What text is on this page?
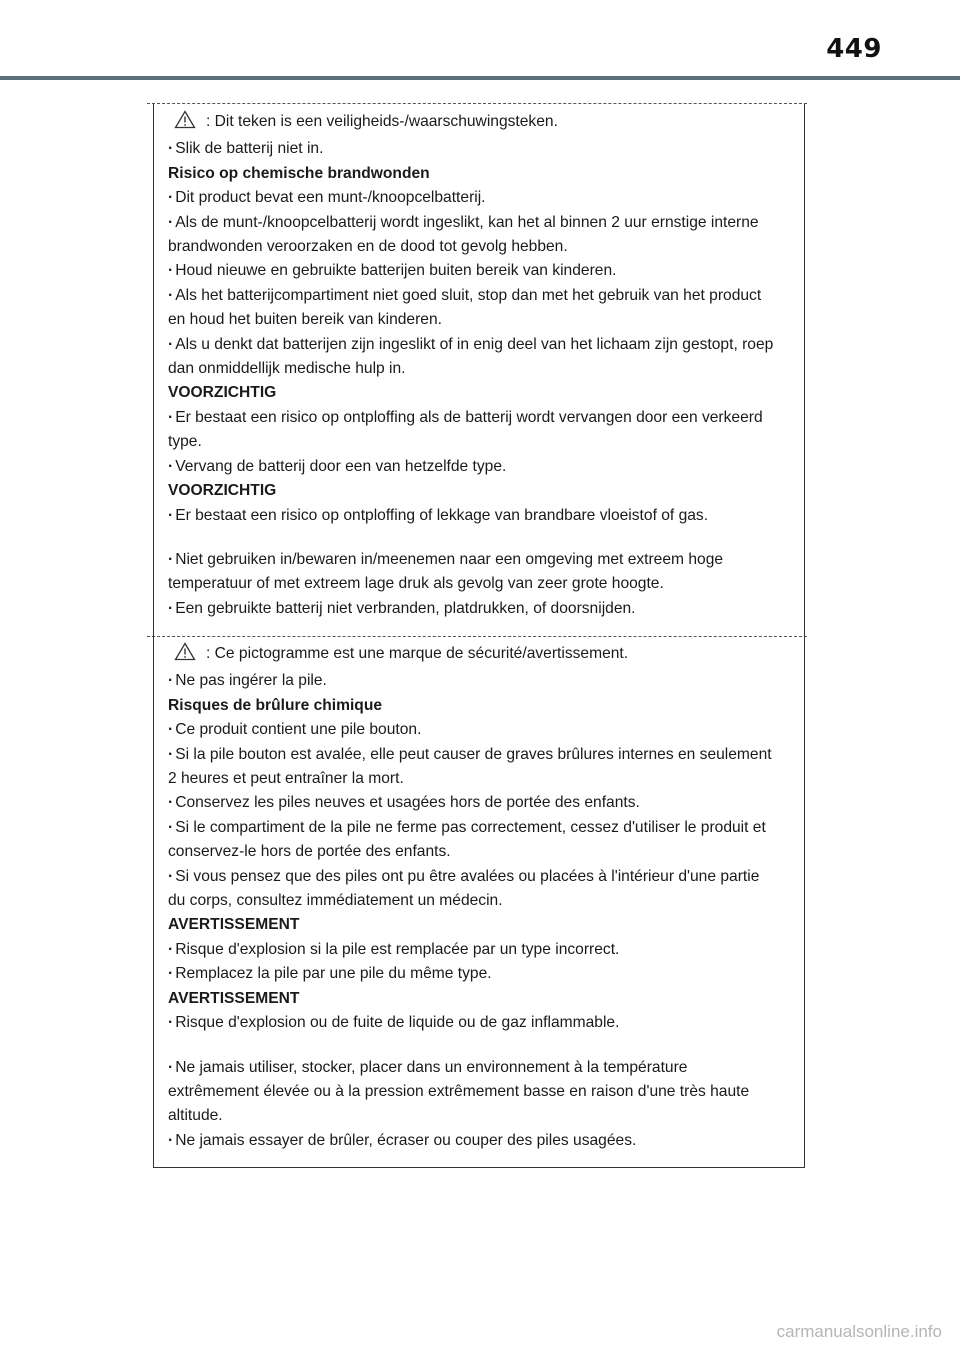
449

: Dit teken is een veiligheids-/waarschuwingsteken.

· Slik de batterij niet in.

Risico op chemische brandwonden

· Dit product bevat een munt-/knoopcelbatterij.

· Als de munt-/knoopcelbatterij wordt ingeslikt, kan het al binnen 2 uur ernstige interne brandwonden veroorzaken en de dood tot gevolg hebben.

· Houd nieuwe en gebruikte batterijen buiten bereik van kinderen.

· Als het batterijcompartiment niet goed sluit, stop dan met het gebruik van het product en houd het buiten bereik van kinderen.

· Als u denkt dat batterijen zijn ingeslikt of in enig deel van het lichaam zijn gestopt, roep dan onmiddellijk medische hulp in.

VOORZICHTIG

· Er bestaat een risico op ontploffing als de batterij wordt vervangen door een verkeerd type.

· Vervang de batterij door een van hetzelfde type.

VOORZICHTIG

· Er bestaat een risico op ontploffing of lekkage van brandbare vloeistof of gas.

· Niet gebruiken in/bewaren in/meenemen naar een omgeving met extreem hoge temperatuur of met extreem lage druk als gevolg van zeer grote hoogte.

· Een gebruikte batterij niet verbranden, platdrukken, of doorsnijden.

: Ce pictogramme est une marque de sécurité/avertissement.

· Ne pas ingérer la pile.

Risques de brûlure chimique

· Ce produit contient une pile bouton.

· Si la pile bouton est avalée, elle peut causer de graves brûlures internes en seulement 2 heures et peut entraîner la mort.

· Conservez les piles neuves et usagées hors de portée des enfants.

· Si le compartiment de la pile ne ferme pas correctement, cessez d'utiliser le produit et conservez-le hors de portée des enfants.

· Si vous pensez que des piles ont pu être avalées ou placées à l'intérieur d'une partie du corps, consultez immédiatement un médecin.

AVERTISSEMENT

· Risque d'explosion si la pile est remplacée par un type incorrect.

· Remplacez la pile par une pile du même type.

AVERTISSEMENT

· Risque d'explosion ou de fuite de liquide ou de gaz inflammable.

· Ne jamais utiliser, stocker, placer dans un environnement à la température extrêmement élevée ou à la pression extrêmement basse en raison d'une très haute altitude.

· Ne jamais essayer de brûler, écraser ou couper des piles usagées.

carmanualsonline.info
